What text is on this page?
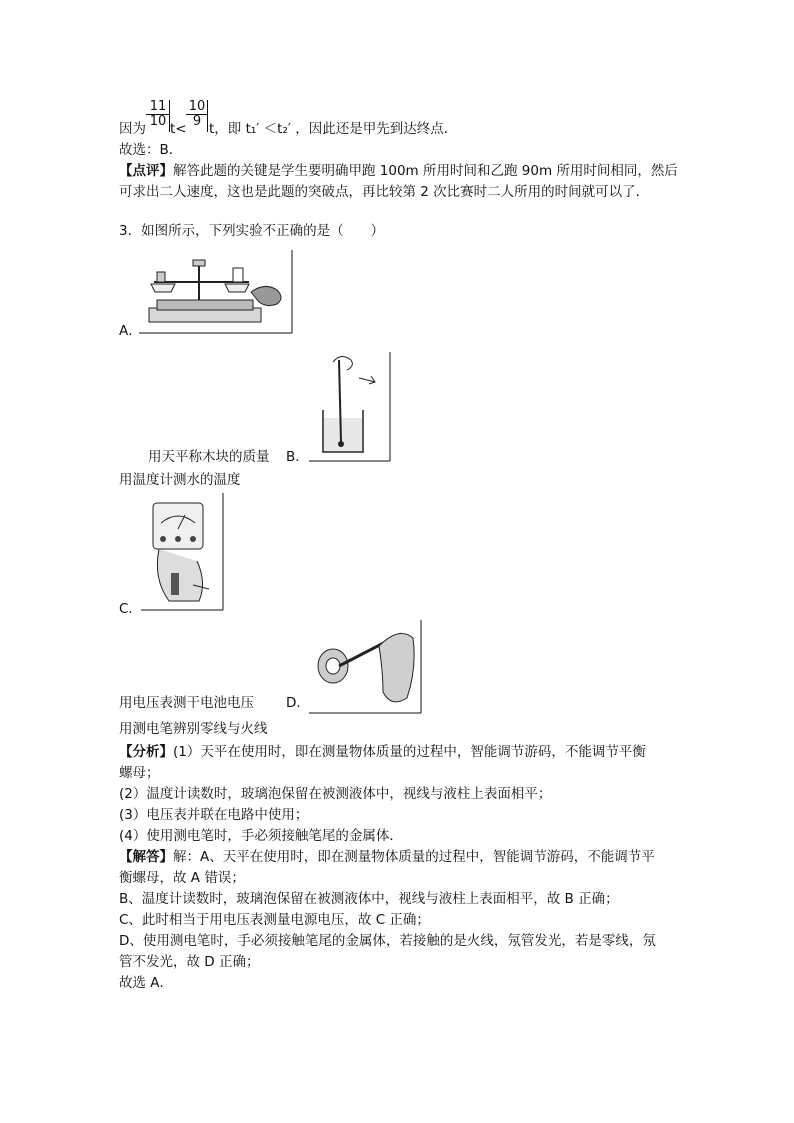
$\frac{11}{10} \frac{10}{9}$
因为 t< t，即 t₁′ ＜t₂′ ，因此还是甲先到达终点．
故选：B．
【点评】解答此题的关键是学生要明确甲跑 100m 所用时间和乙跑 90m 所用时间相同，然后
可求出二人速度，这也是此题的突破点，再比较第 2 次比赛时二人所用的时间就可以了．
3．如图所示，下列实验不正确的是（　　）
A．
用天平称木块的质量 B．
用温度计测水的温度
C．
用电压表测干电池电压 D．
用测电笔辨别零线与火线
【分析】(1）天平在使用时，即在测量物体质量的过程中，智能调节游码，不能调节平衡
螺母；
(2）温度计读数时，玻璃泡保留在被测液体中，视线与液柱上表面相平；
(3）电压表并联在电路中使用；
(4）使用测电笔时，手必须接触笔尾的金属体．
【解答】解：A、天平在使用时，即在测量物体质量的过程中，智能调节游码，不能调节平
衡螺母，故 A 错误；
B、温度计读数时，玻璃泡保留在被测液体中，视线与液柱上表面相平，故 B 正确；
C、此时相当于用电压表测量电源电压，故 C 正确；
D、使用测电笔时，手必须接触笔尾的金属体，若接触的是火线，氖管发光，若是零线，氖
管不发光，故 D 正确；
故选 A．
